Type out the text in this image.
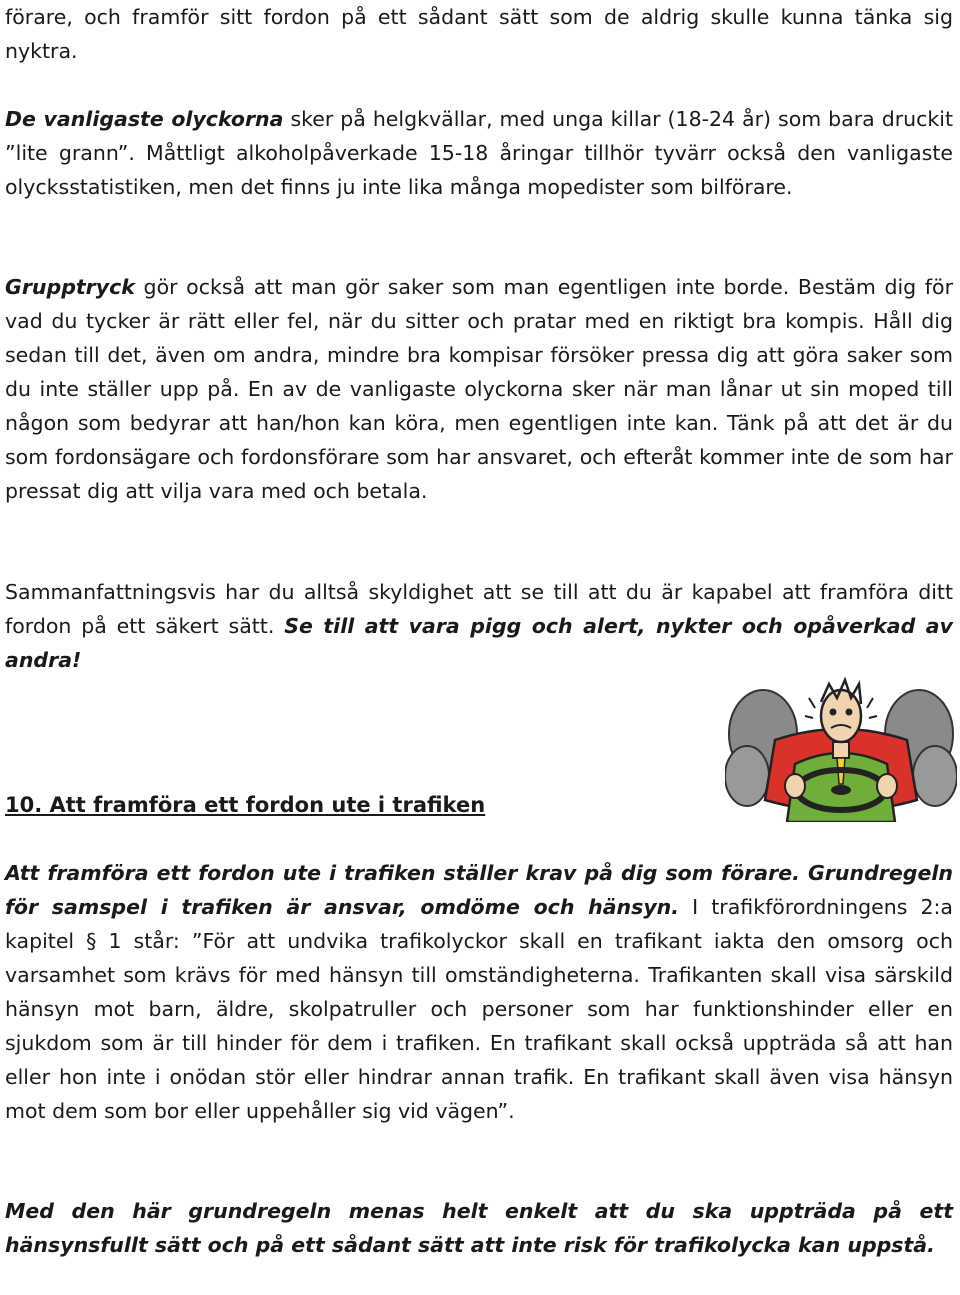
förare, och framför sitt fordon på ett sådant sätt som de aldrig skulle kunna tänka sig nyktra.

De vanligaste olyckorna sker på helgkvällar, med unga killar (18-24 år) som bara druckit ”lite grann”. Måttligt alkoholpåverkade 15-18 åringar tillhör tyvärr också den vanligaste olycksstatistiken, men det finns ju inte lika många mopedister som bilförare.

Grupptryck gör också att man gör saker som man egentligen inte borde. Bestäm dig för vad du tycker är rätt eller fel, när du sitter och pratar med en riktigt bra kompis. Håll dig sedan till det, även om andra, mindre bra kompisar försöker pressa dig att göra saker som du inte ställer upp på. En av de vanligaste olyckorna sker när man lånar ut sin moped till någon som bedyrar att han/hon kan köra, men egentligen inte kan. Tänk på att det är du som fordonsägare och fordonsförare som har ansvaret, och efteråt kommer inte de som har pressat dig att vilja vara med och betala.

Sammanfattningsvis har du alltså skyldighet att se till att du är kapabel att framföra ditt fordon på ett säkert sätt. Se till att vara pigg och alert, nykter och opåverkad av andra!

10. Att framföra ett fordon ute i trafiken

Att framföra ett fordon ute i trafiken ställer krav på dig som förare. Grundregeln för samspel i trafiken är ansvar, omdöme och hänsyn. I trafikförordningens 2:a kapitel § 1 står: ”För att undvika trafikolyckor skall en trafikant iakta den omsorg och varsamhet som krävs för med hänsyn till omständigheterna. Trafikanten skall visa särskild hänsyn mot barn, äldre, skolpatruller och personer som har funktionshinder eller en sjukdom som är till hinder för dem i trafiken. En trafikant skall också uppträda så att han eller hon inte i onödan stör eller hindrar annan trafik. En trafikant skall även visa hänsyn mot dem som bor eller uppehåller sig vid vägen”.

Med den här grundregeln menas helt enkelt att du ska uppträda på ett hänsynsfullt sätt och på ett sådant sätt att inte risk för trafikolycka kan uppstå.
